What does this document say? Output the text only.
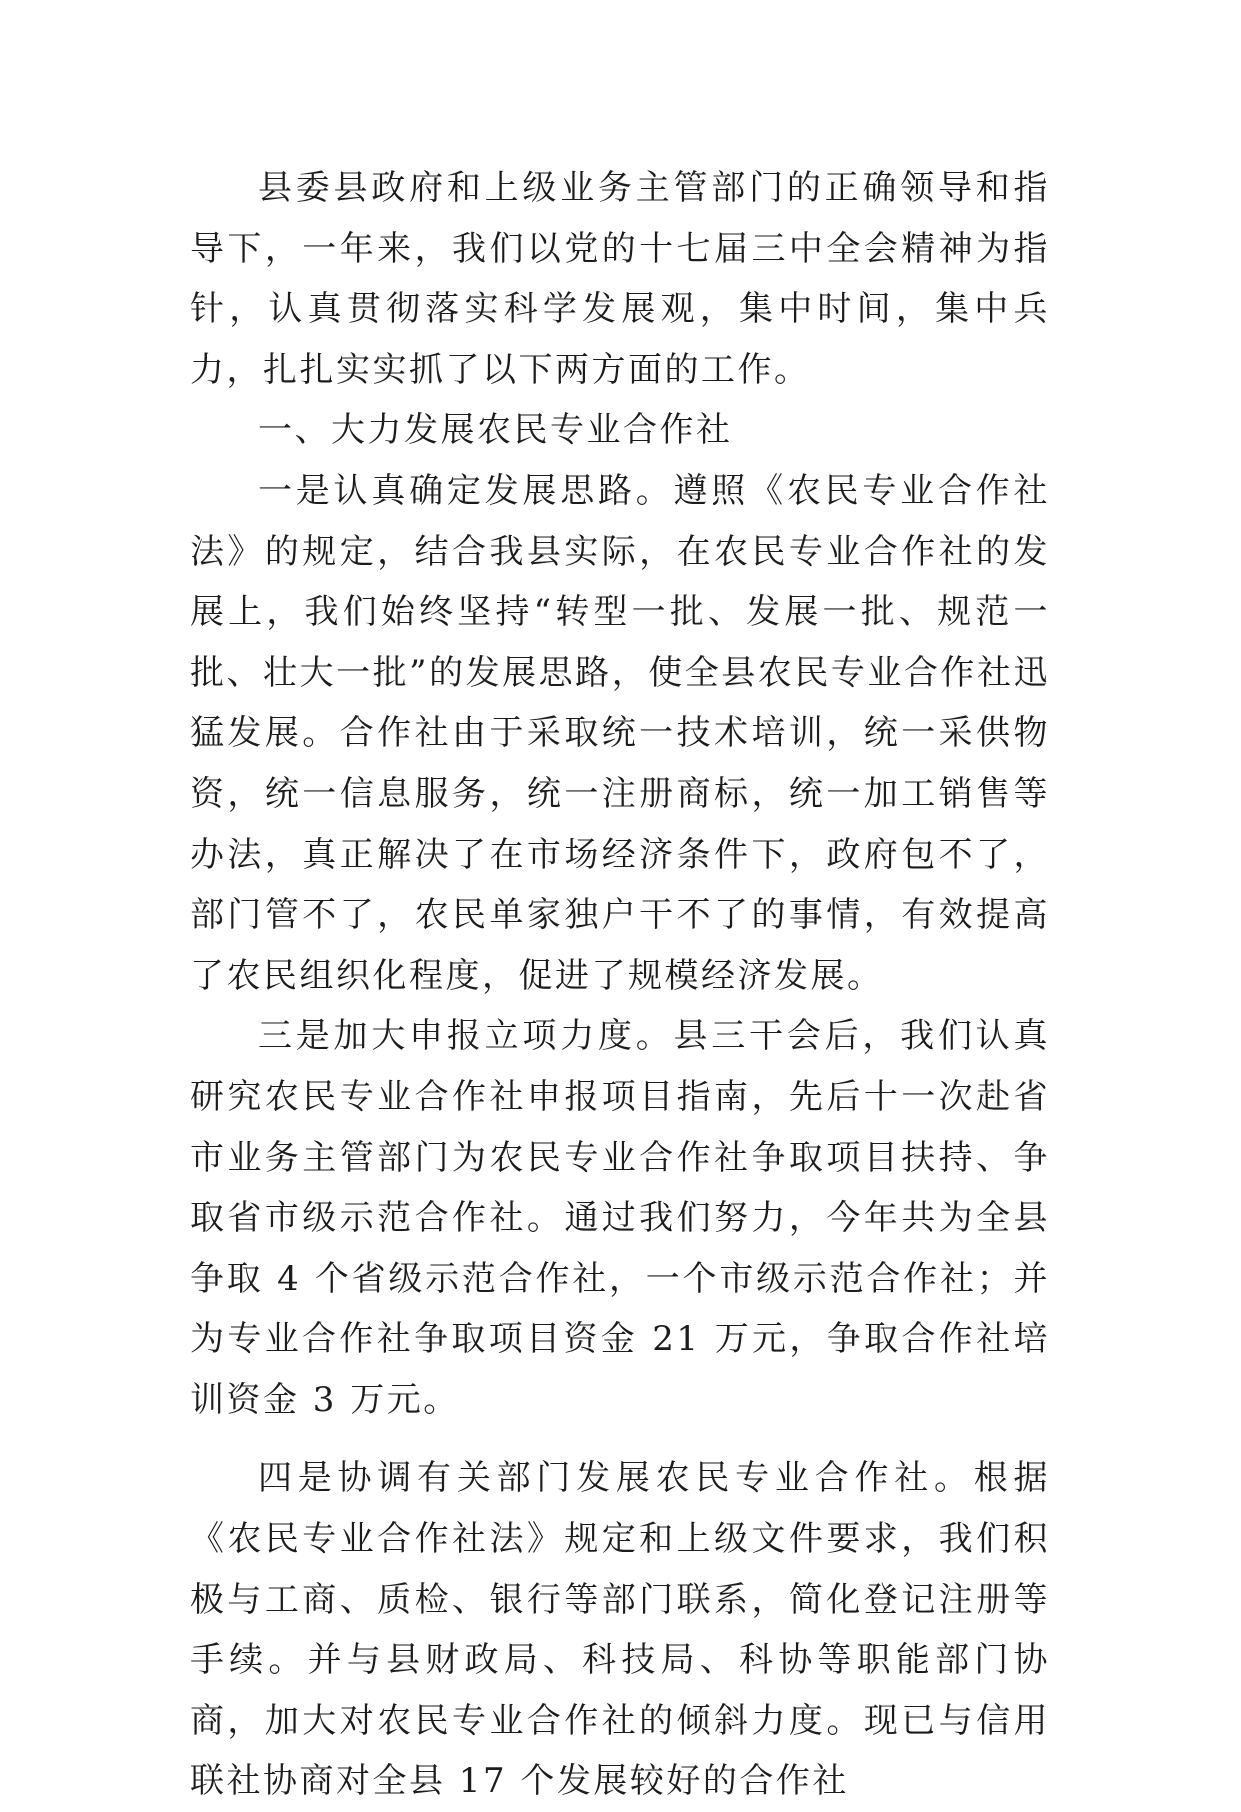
县委县政府和上级业务主管部门的正确领导和指导下，一年来，我们以党的十七届三中全会精神为指针，认真贯彻落实科学发展观，集中时间，集中兵力，扎扎实实抓了以下两方面的工作。

一、大力发展农民专业合作社

一是认真确定发展思路。遵照《农民专业合作社法》的规定，结合我县实际，在农民专业合作社的发展上，我们始终坚持“转型一批、发展一批、规范一批、壮大一批”的发展思路，使全县农民专业合作社迅猛发展。合作社由于采取统一技术培训，统一采供物资，统一信息服务，统一注册商标，统一加工销售等办法，真正解决了在市场经济条件下，政府包不了，部门管不了，农民单家独户干不了的事情，有效提高了农民组织化程度，促进了规模经济发展。

三是加大申报立项力度。县三干会后，我们认真研究农民专业合作社申报项目指南，先后十一次赴省市业务主管部门为农民专业合作社争取项目扶持、争取省市级示范合作社。通过我们努力，今年共为全县争取 4 个省级示范合作社，一个市级示范合作社；并为专业合作社争取项目资金 21 万元，争取合作社培训资金 3 万元。

四是协调有关部门发展农民专业合作社。根据《农民专业合作社法》规定和上级文件要求，我们积极与工商、质检、银行等部门联系，简化登记注册等手续。并与县财政局、科技局、科协等职能部门协商，加大对农民专业合作社的倾斜力度。现已与信用联社协商对全县 17 个发展较好的合作社
